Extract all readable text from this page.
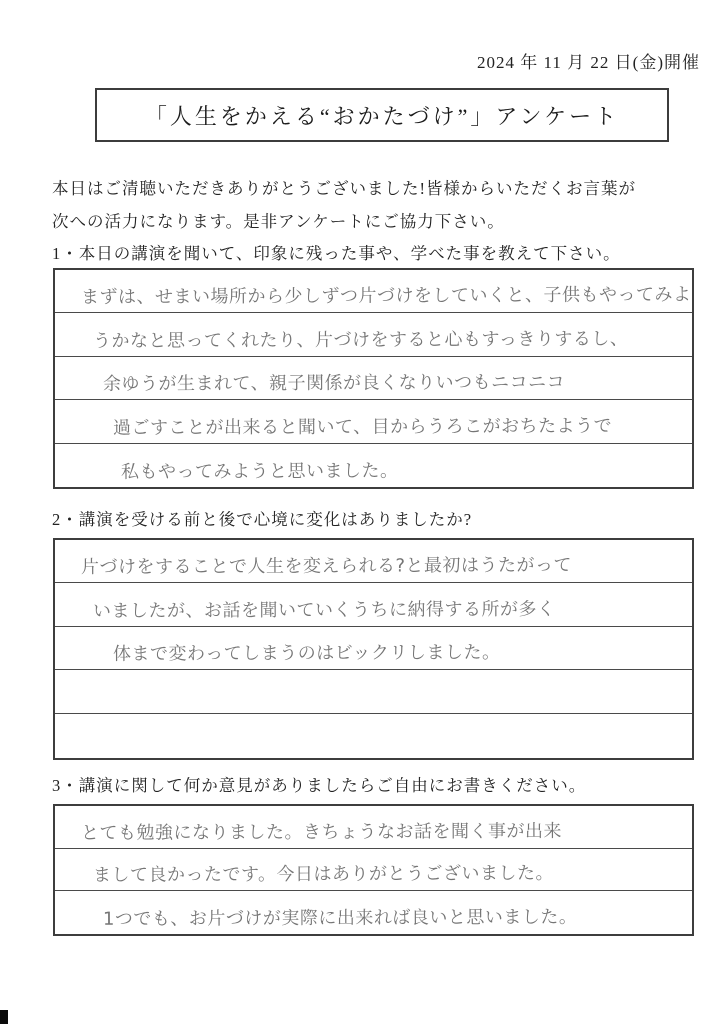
2024 年 11 月 22 日(金)開催
「人生をかえる“おかたづけ”」アンケート
本日はご清聴いただきありがとうございました!皆様からいただくお言葉が
次への活力になります。是非アンケートにご協力下さい。
1・本日の講演を聞いて、印象に残った事や、学べた事を教えて下さい。
まずは、せまい場所から少しずつ片づけをしていくと、子供もやってみよ
うかなと思ってくれたり、片づけをすると心もすっきりするし、
余ゆうが生まれて、親子関係が良くなりいつもニコニコ
過ごすことが出来ると聞いて、目からうろこがおちたようで
私もやってみようと思いました。
2・講演を受ける前と後で心境に変化はありましたか?
片づけをすることで人生を変えられる?と最初はうたがって
いましたが、お話を聞いていくうちに納得する所が多く
体まで変わってしまうのはビックリしました。
3・講演に関して何か意見がありましたらご自由にお書きください。
とても勉強になりました。きちょうなお話を聞く事が出来
まして良かったです。今日はありがとうございました。
1つでも、お片づけが実際に出来れば良いと思いました。
